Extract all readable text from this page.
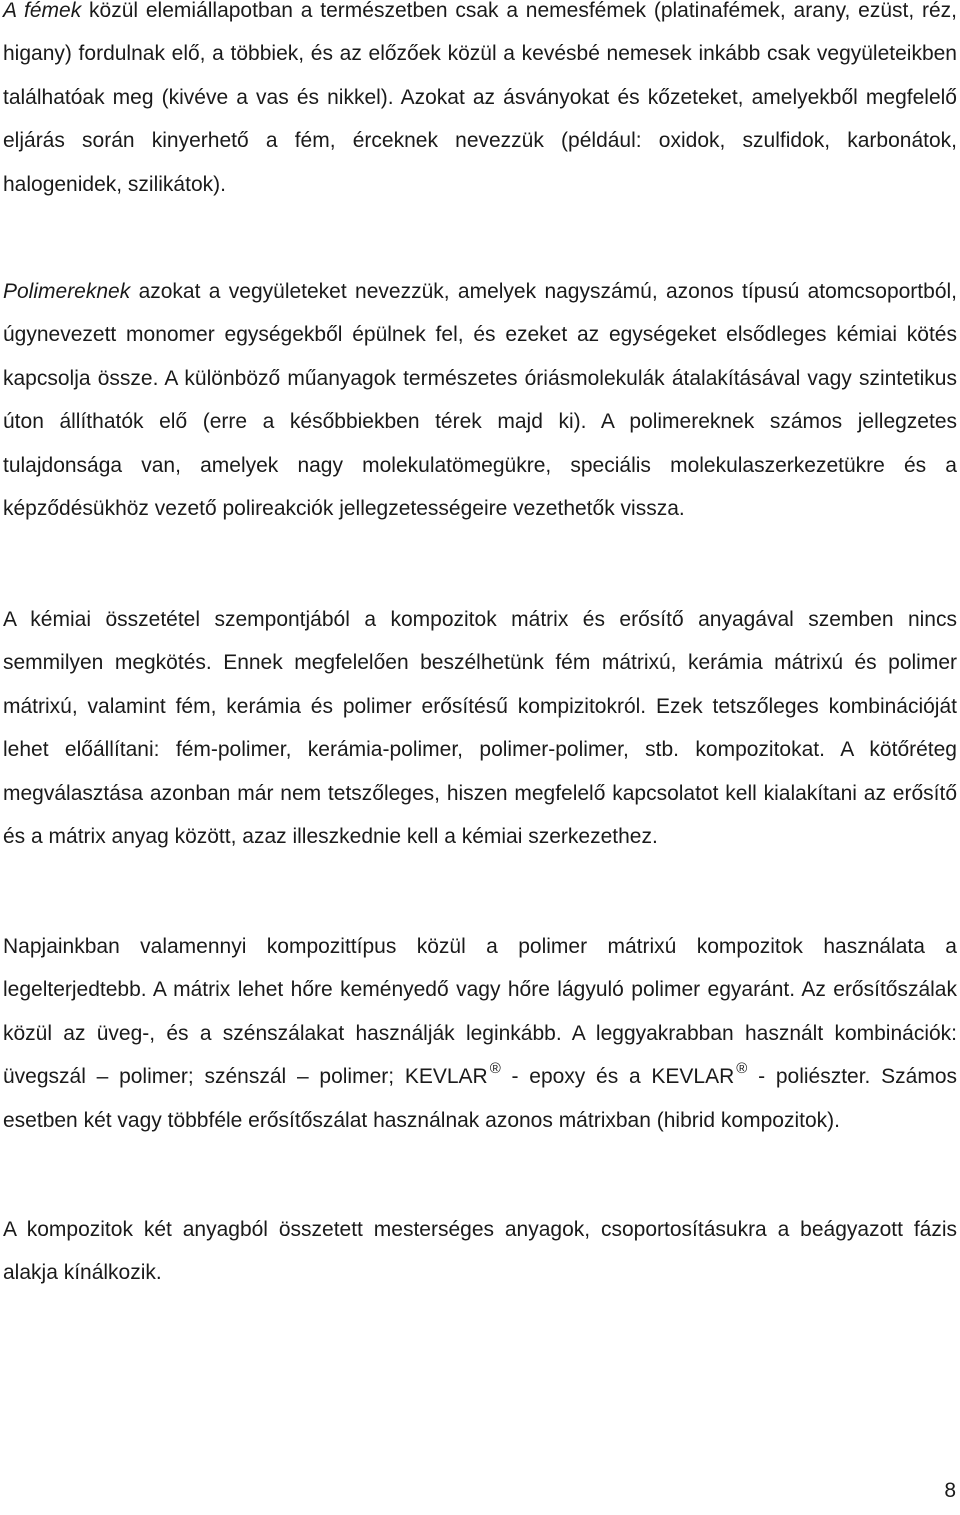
A fémek közül elemiállapotban a természetben csak a nemesfémek (platinafémek, arany, ezüst, réz, higany) fordulnak elő, a többiek, és az előzőek közül a kevésbé nemesek inkább csak vegyületeikben találhatóak meg (kivéve a vas és nikkel). Azokat az ásványokat és kőzeteket, amelyekből megfelelő eljárás során kinyerhető a fém, érceknek nevezzük (például: oxidok, szulfidok, karbonátok, halogenidek, szilikátok).

Polimereknek azokat a vegyületeket nevezzük, amelyek nagyszámú, azonos típusú atomcsoportból, úgynevezett monomer egységekből épülnek fel, és ezeket az egységeket elsődleges kémiai kötés kapcsolja össze. A különböző műanyagok természetes óriásmolekulák átalakításával vagy szintetikus úton állíthatók elő (erre a későbbiekben térek majd ki). A polimereknek számos jellegzetes tulajdonsága van, amelyek nagy molekulatömegükre, speciális molekulaszerkezetükre és a képződésükhöz vezető polireakciók jellegzetességeire vezethetők vissza.

A kémiai összetétel szempontjából a kompozitok mátrix és erősítő anyagával szemben nincs semmilyen megkötés. Ennek megfelelően beszélhetünk fém mátrixú, kerámia mátrixú és polimer mátrixú, valamint fém, kerámia és polimer erősítésű kompizitokról. Ezek tetszőleges kombinációját lehet előállítani: fém-polimer, kerámia-polimer, polimer-polimer, stb. kompozitokat. A kötőréteg megválasztása azonban már nem tetszőleges, hiszen megfelelő kapcsolatot kell kialakítani az erősítő és a mátrix anyag között, azaz illeszkednie kell a kémiai szerkezethez.

Napjainkban valamennyi kompozittípus közül a polimer mátrixú kompozitok használata a legelterjedtebb. A mátrix lehet hőre keményedő vagy hőre lágyuló polimer egyaránt. Az erősítőszálak közül az üveg-, és a szénszálakat használják leginkább. A leggyakrabban használt kombinációk: üvegszál – polimer; szénszál – polimer; KEVLAR ® - epoxy és a KEVLAR ® - poliészter. Számos esetben két vagy többféle erősítőszálat használnak azonos mátrixban (hibrid kompozitok).

A kompozitok két anyagból összetett mesterséges anyagok, csoportosításukra a beágyazott fázis alakja kínálkozik.

8
